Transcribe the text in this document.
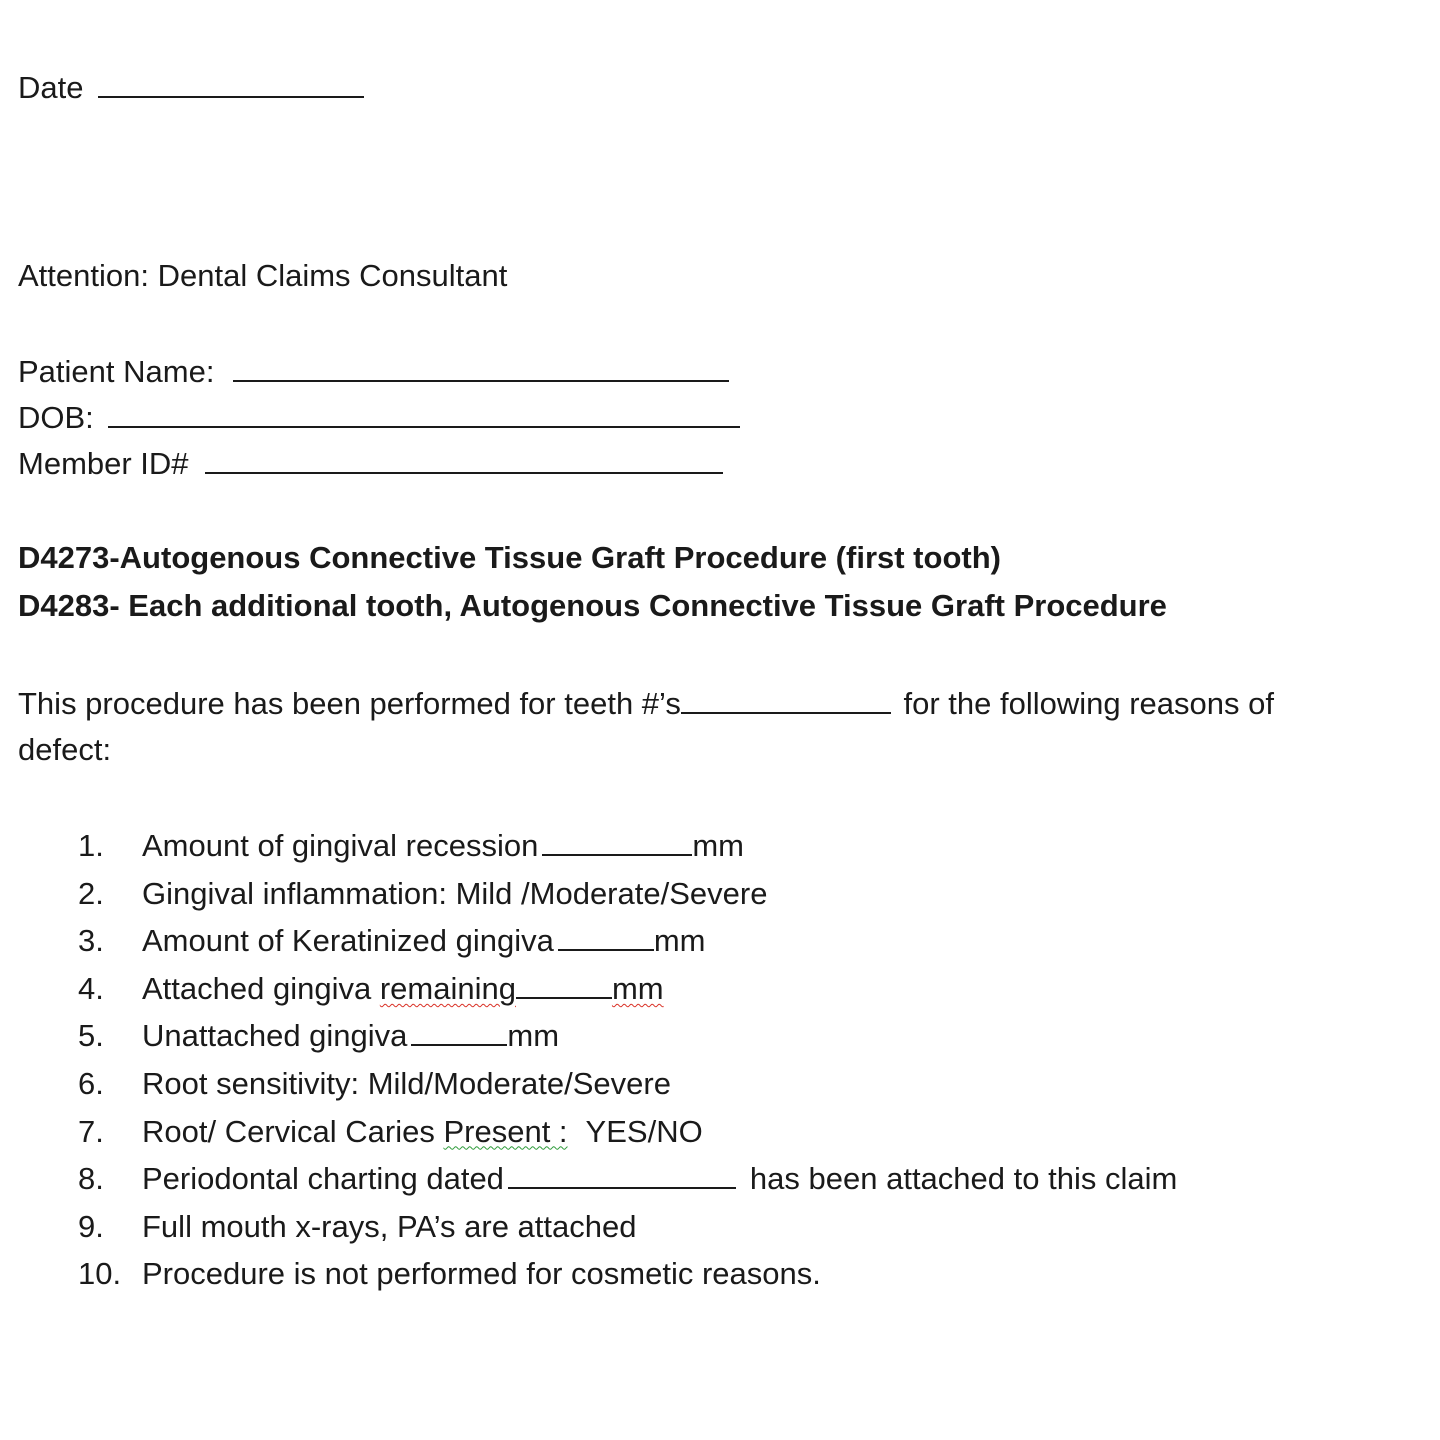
Date
Attention: Dental Claims Consultant
Patient Name:
DOB:
Member ID#
D4273-Autogenous Connective Tissue Graft Procedure (first tooth)
D4283- Each additional tooth, Autogenous Connective Tissue Graft Procedure
This procedure has been performed for teeth #’s	for the following reasons of
defect:
1.	Amount of gingival recession	mm
2.	Gingival inflammation: Mild /Moderate/Severe
3.	Amount of Keratinized gingiva	mm
4.	Attached gingiva remaining	mm
5.	Unattached gingiva	mm
6.	Root sensitivity: Mild/Moderate/Severe
7.	Root/ Cervical Caries Present : YES/NO
8.	Periodontal charting dated	has been attached to this claim
9.	Full mouth x-rays, PA’s are attached
10. Procedure is not performed for cosmetic reasons.
